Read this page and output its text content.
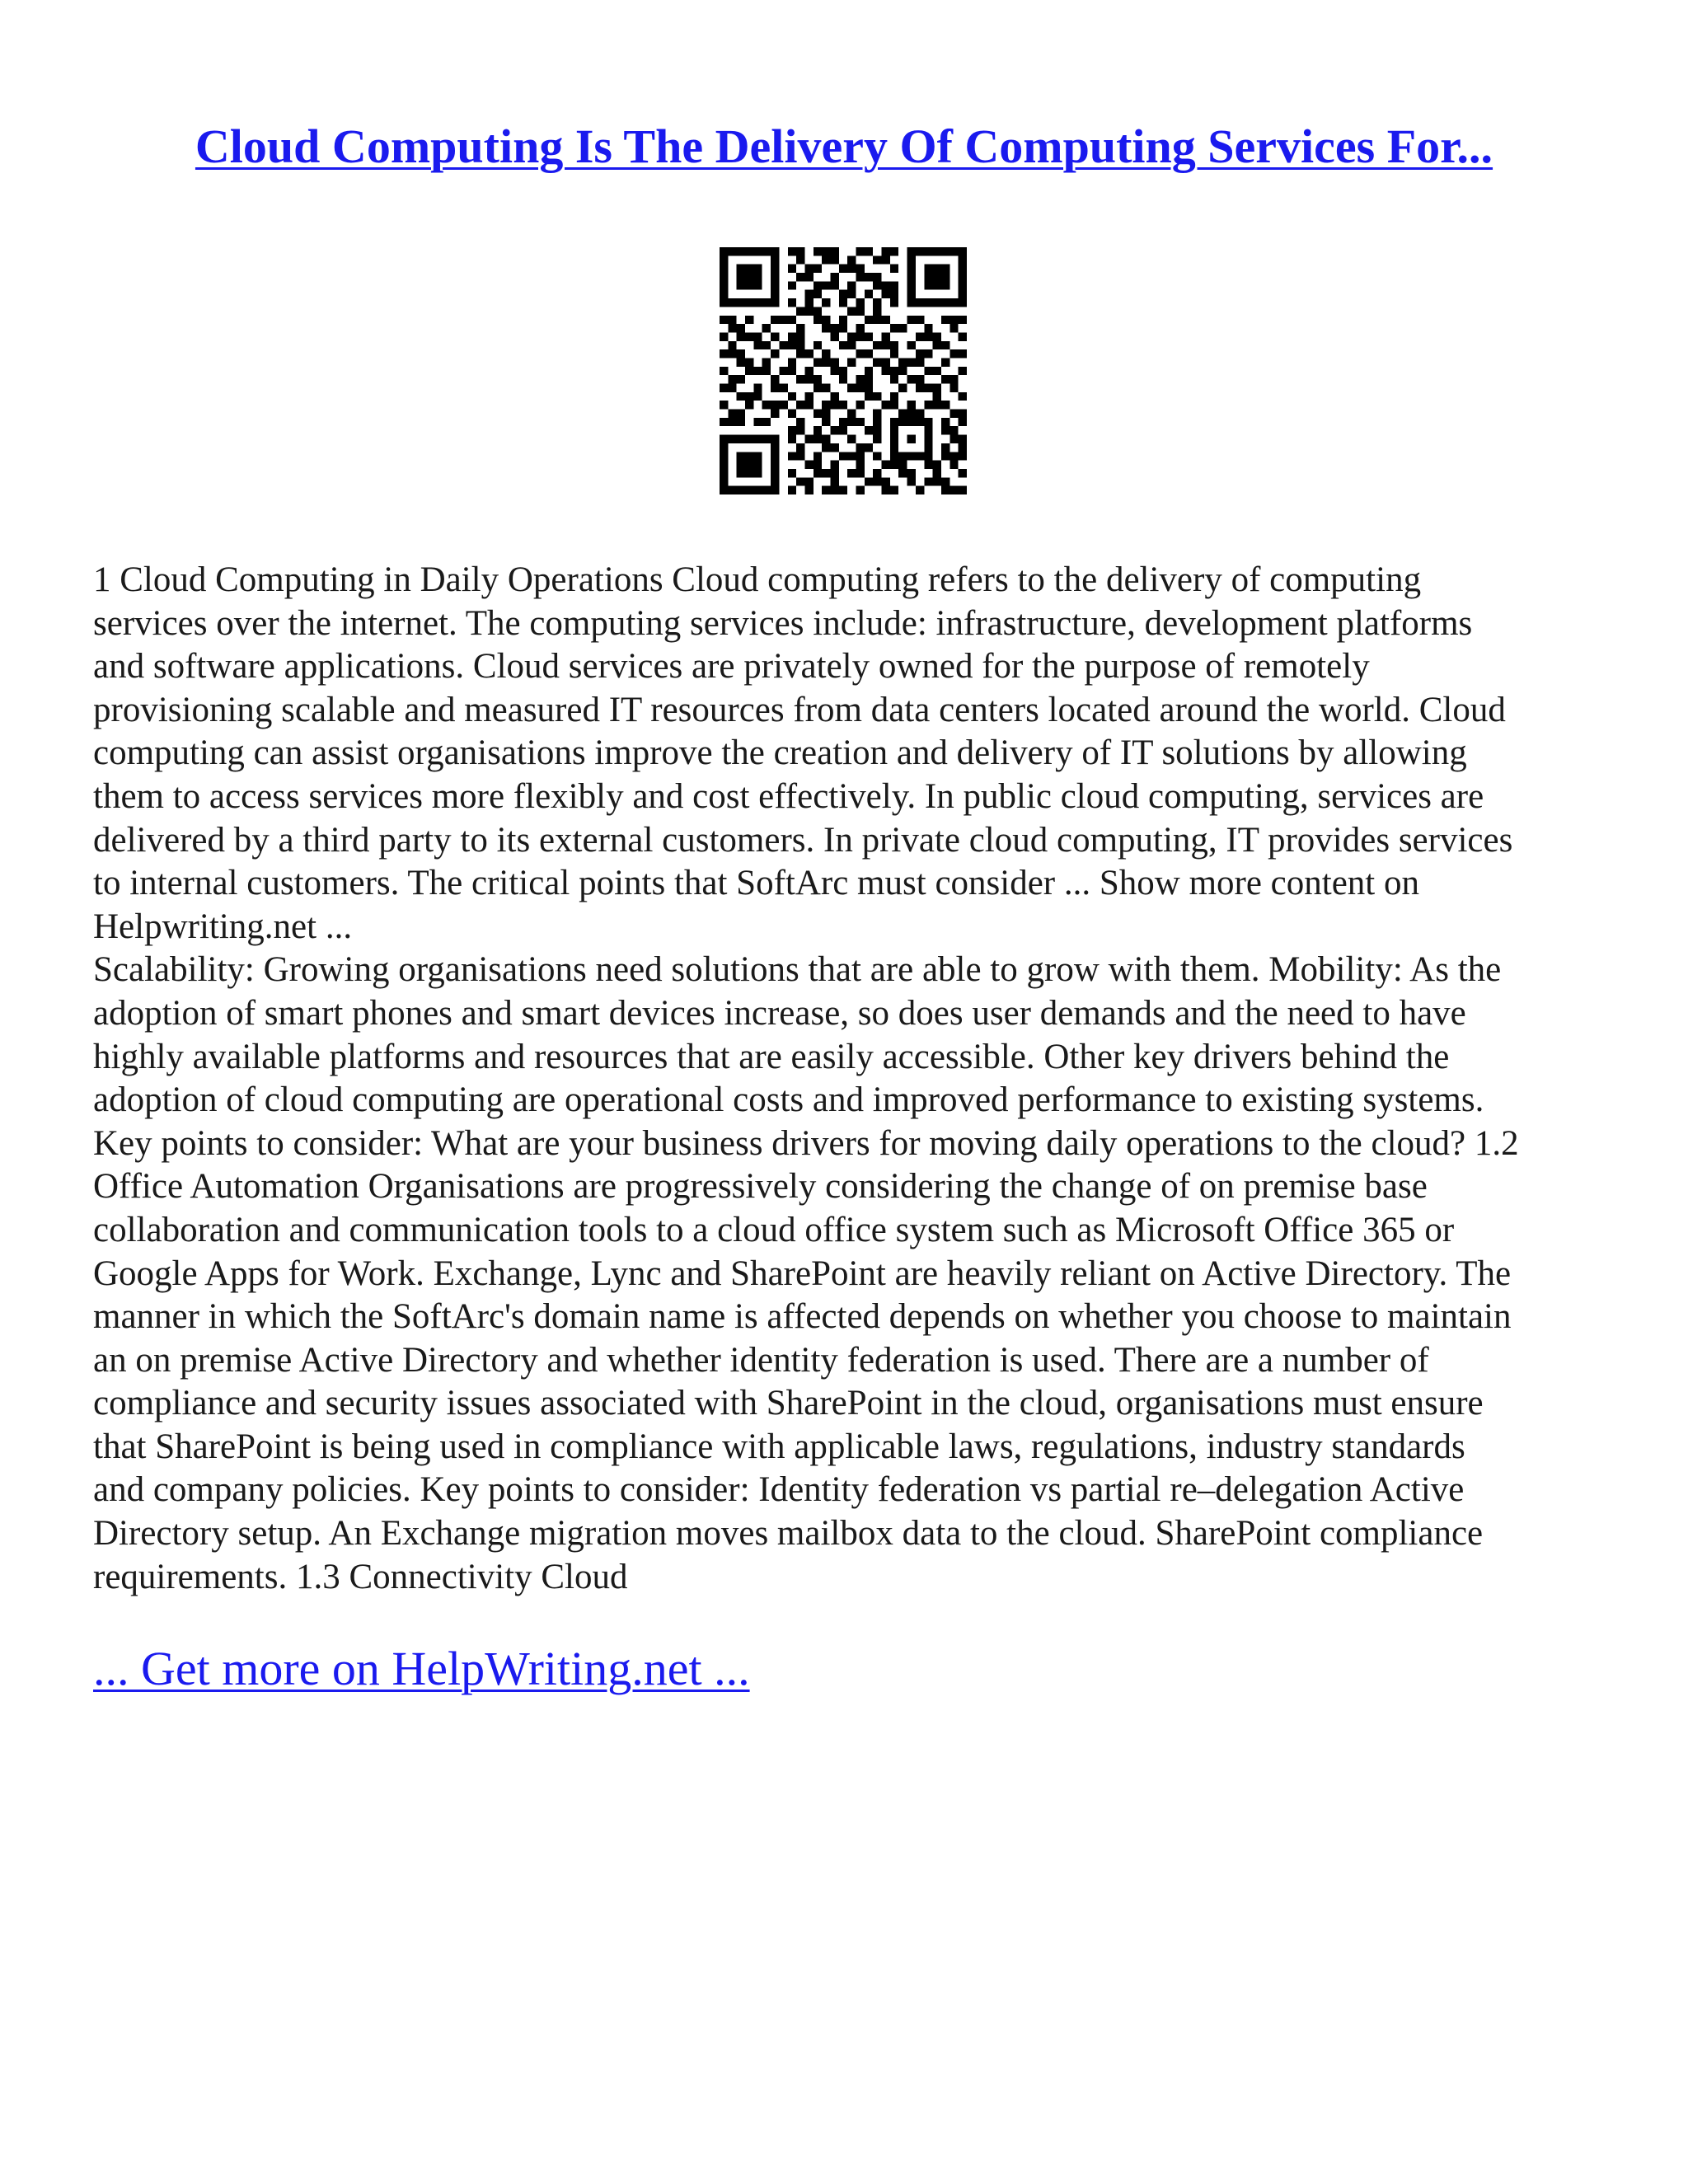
Cloud Computing Is The Delivery Of Computing Services For...
1 Cloud Computing in Daily Operations Cloud computing refers to the delivery of computing
services over the internet. The computing services include: infrastructure, development platforms
and software applications. Cloud services are privately owned for the purpose of remotely
provisioning scalable and measured IT resources from data centers located around the world. Cloud
computing can assist organisations improve the creation and delivery of IT solutions by allowing
them to access services more flexibly and cost effectively. In public cloud computing, services are
delivered by a third party to its external customers. In private cloud computing, IT provides services
to internal customers. The critical points that SoftArc must consider ... Show more content on
Helpwriting.net ...
Scalability: Growing organisations need solutions that are able to grow with them. Mobility: As the
adoption of smart phones and smart devices increase, so does user demands and the need to have
highly available platforms and resources that are easily accessible. Other key drivers behind the
adoption of cloud computing are operational costs and improved performance to existing systems.
Key points to consider: What are your business drivers for moving daily operations to the cloud? 1.2
Office Automation Organisations are progressively considering the change of on premise base
collaboration and communication tools to a cloud office system such as Microsoft Office 365 or
Google Apps for Work. Exchange, Lync and SharePoint are heavily reliant on Active Directory. The
manner in which the SoftArc's domain name is affected depends on whether you choose to maintain
an on premise Active Directory and whether identity federation is used. There are a number of
compliance and security issues associated with SharePoint in the cloud, organisations must ensure
that SharePoint is being used in compliance with applicable laws, regulations, industry standards
and company policies. Key points to consider: Identity federation vs partial re–delegation Active
Directory setup. An Exchange migration moves mailbox data to the cloud. SharePoint compliance
requirements. 1.3 Connectivity Cloud
... Get more on HelpWriting.net ...
